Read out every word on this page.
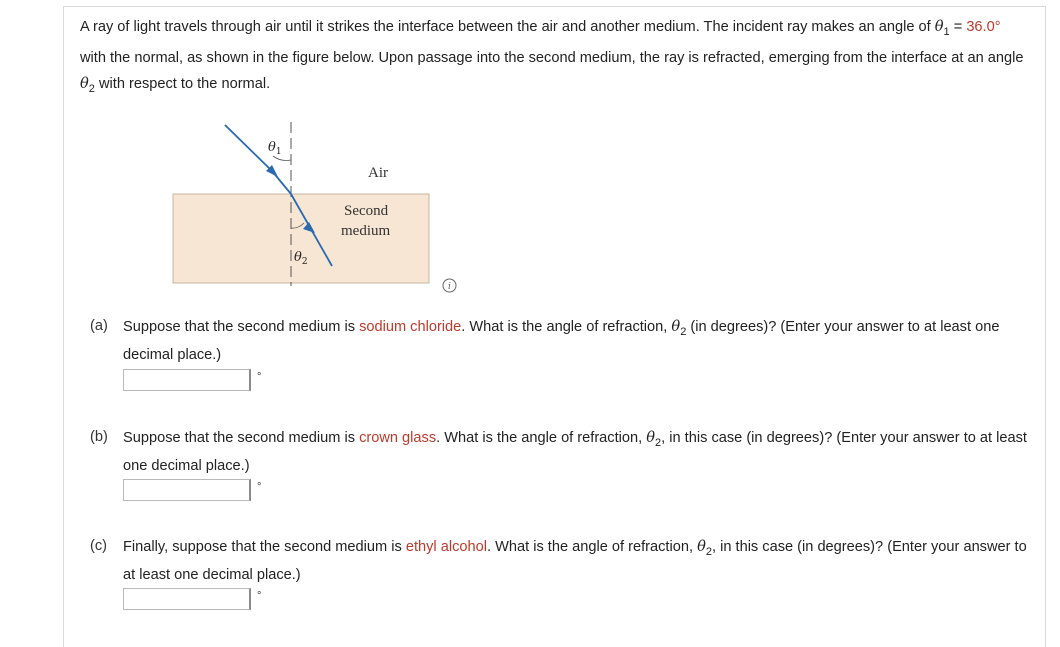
A ray of light travels through air until it strikes the interface between the air and another medium. The incident ray makes an angle of $\theta_1 = 36.0^\circ$ with the normal, as shown in the figure below. Upon passage into the second medium, the ray is refracted, emerging from the interface at an angle $\theta_2$ with respect to the normal.
$\theta_1$
$\theta_2$
Air
Second
medium
i
(a) Suppose that the second medium is sodium chloride. What is the angle of refraction, $\theta_2$ (in degrees)? (Enter your answer to at least one decimal place.)
°
(b) Suppose that the second medium is crown glass. What is the angle of refraction, $\theta_2$, in this case (in degrees)? (Enter your answer to at least one decimal place.)
°
(c) Finally, suppose that the second medium is ethyl alcohol. What is the angle of refraction, $\theta_2$, in this case (in degrees)? (Enter your answer to at least one decimal place.)
°
